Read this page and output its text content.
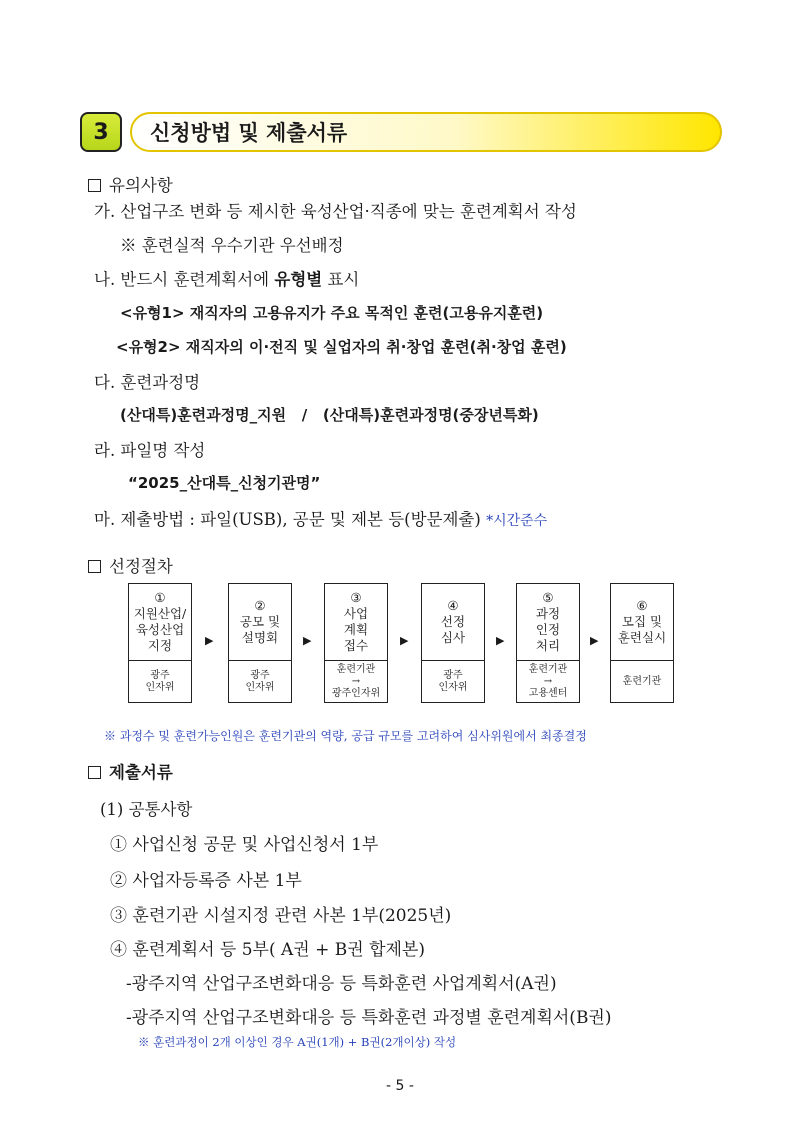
3	신청방법 및 제출서류
유의사항
가. 산업구조 변화 등 제시한 육성산업·직종에 맞는 훈련계획서 작성
※ 훈련실적 우수기관 우선배정
나. 반드시 훈련계획서에 유형별 표시
<유형1> 재직자의 고용유지가 주요 목적인 훈련(고용유지훈련)
<유형2> 재직자의 이·전직 및 실업자의 취·창업 훈련(취·창업 훈련)
다. 훈련과정명
(산대특)훈련과정명_지원   /   (산대특)훈련과정명(중장년특화)
라. 파일명 작성
“2025_산대특_신청기관명”
마. 제출방법 : 파일(USB), 공문 및 제본 등(방문제출) *시간준수
선정절차
①
지원산업/
육성산업
지정
광주
인자위
▶
②
공모 및
설명회
광주
인자위
▶
③
사업
계획
접수
훈련기관
→
광주인자위
▶
④
선정
심사
광주
인자위
▶
⑤
과정
인정
처리
훈련기관
→
고용센터
▶
⑥
모집 및
훈련실시
훈련기관
※ 과정수 및 훈련가능인원은 훈련기관의 역량, 공급 규모를 고려하여 심사위원에서 최종결정
제출서류
(1) 공통사항
① 사업신청 공문 및 사업신청서 1부
② 사업자등록증 사본 1부
③ 훈련기관 시설지정 관련 사본 1부(2025년)
④ 훈련계획서 등 5부( A권 + B권 합제본)
-광주지역 산업구조변화대응 등 특화훈련 사업계획서(A권)
-광주지역 산업구조변화대응 등 특화훈련 과정별 훈련계획서(B권)
※ 훈련과정이 2개 이상인 경우 A권(1개) + B권(2개이상) 작성
- 5 -
